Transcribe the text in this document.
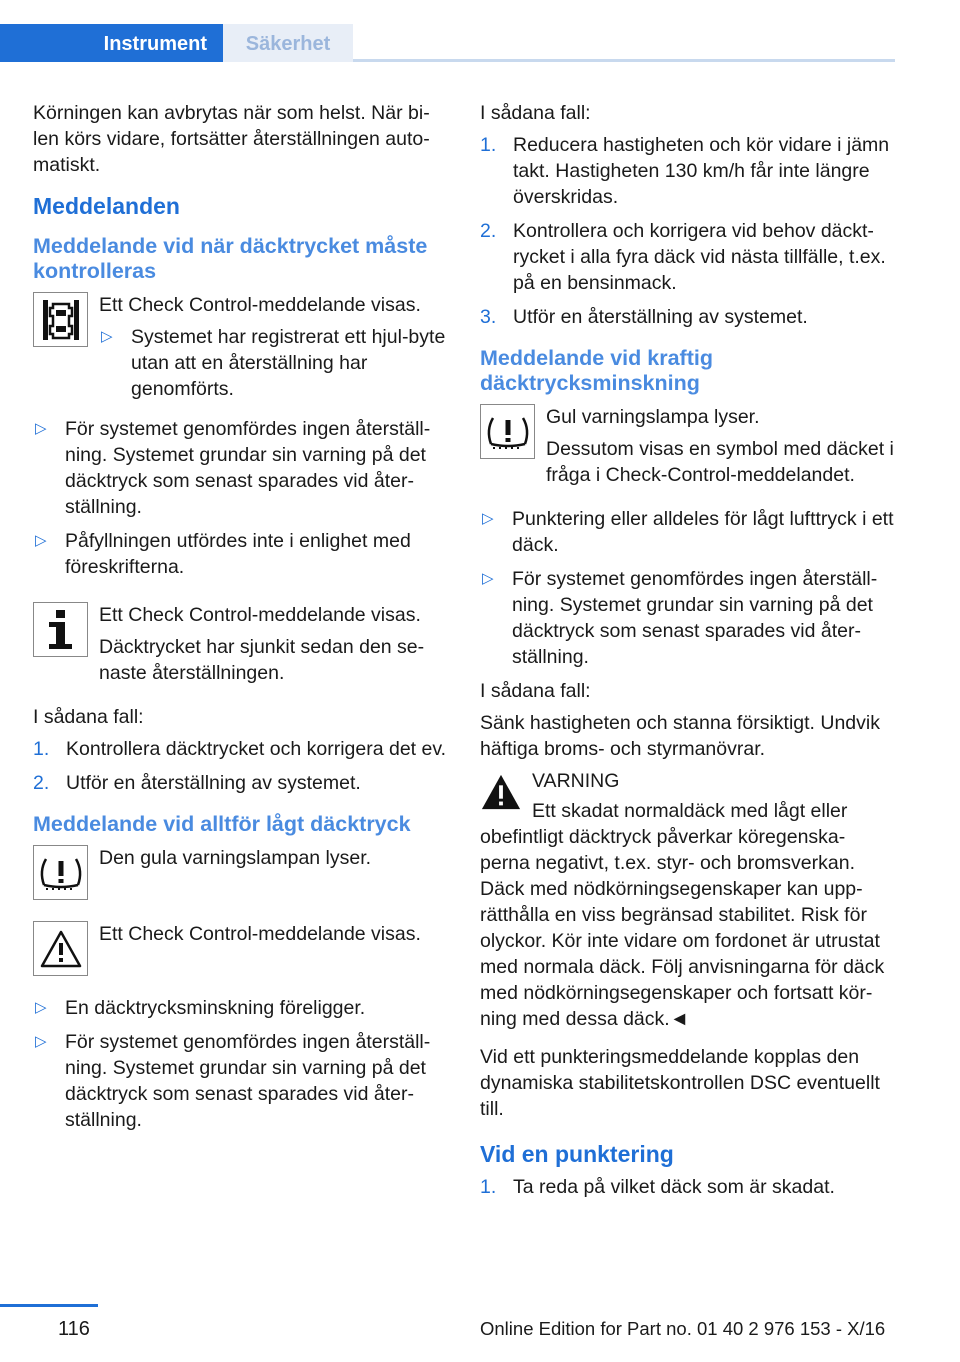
Instrument	Säkerhet

Körningen kan avbrytas när som helst. När bi-len körs vidare, fortsätter återställningen auto-matiskt.

Meddelanden
Meddelande vid när däcktrycket måste kontrolleras

Ett Check Control-meddelande visas.

▷ Systemet har registrerat ett hjul-byte utan att en återställning har genomförts.
▷ För systemet genomfördes ingen återställ-ning. Systemet grundar sin varning på det däcktryck som senast sparades vid åter-ställning.
▷ Påfyllningen utfördes inte i enlighet med föreskrifterna.

Ett Check Control-meddelande visas.

Däcktrycket har sjunkit sedan den se-naste återställningen.

I sådana fall:

1. Kontrollera däcktrycket och korrigera det ev.
2. Utför en återställning av systemet.
Meddelande vid alltför lågt däcktryck

Den gula varningslampan lyser.

Ett Check Control-meddelande visas.

▷ En däcktrycksminskning föreligger.
▷ För systemet genomfördes ingen återställ-ning. Systemet grundar sin varning på det däcktryck som senast sparades vid åter-ställning.

I sådana fall:

1. Reducera hastigheten och kör vidare i jämn takt. Hastigheten 130 km/h får inte längre överskridas.
2. Kontrollera och korrigera vid behov däckt-rycket i alla fyra däck vid nästa tillfälle, t.ex. på en bensinmack.
3. Utför en återställning av systemet.
Meddelande vid kraftig däcktrycksminskning

Gul varningslampa lyser.

Dessutom visas en symbol med däcket i fråga i Check-Control-meddelandet.

▷ Punktering eller alldeles för lågt lufttryck i ett däck.
▷ För systemet genomfördes ingen återställ-ning. Systemet grundar sin varning på det däcktryck som senast sparades vid åter-ställning.

I sådana fall:

Sänk hastigheten och stanna försiktigt. Undvik häftiga broms- och styrmanövrar.

VARNING

Ett skadat normaldäck med lågt eller obefintligt däcktryck påverkar köregenska-perna negativt, t.ex. styr- och bromsverkan. Däck med nödkörningsegenskaper kan upp-rätthålla en viss begränsad stabilitet. Risk för olyckor. Kör inte vidare om fordonet är utrustat med normala däck. Följ anvisningarna för däck med nödkörningsegenskaper och fortsatt kör-ning med dessa däck.◄

Vid ett punkteringsmeddelande kopplas den dynamiska stabilitetskontrollen DSC eventuellt till.

Vid en punktering
1. Ta reda på vilket däck som är skadat.
116	Online Edition for Part no. 01 40 2 976 153 - X/16
